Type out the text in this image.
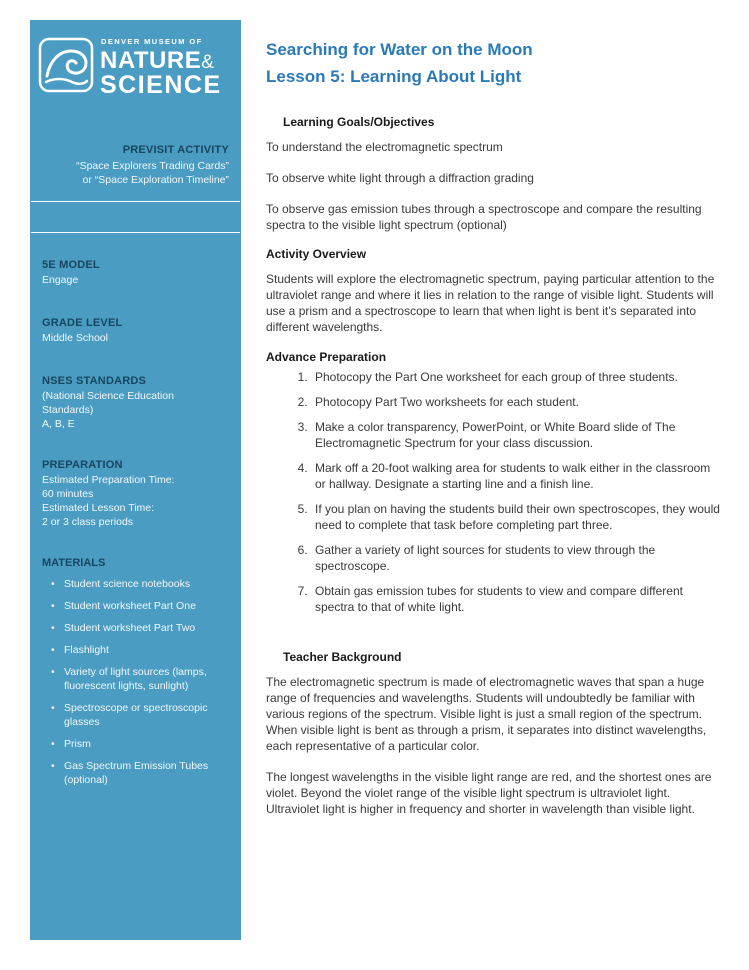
DENVER MUSEUM OF
NATURE&
SCIENCE
PREVISIT ACTIVITY
“Space Explorers Trading Cards”
or “Space Exploration Timeline”
5E MODEL
Engage
GRADE LEVEL
Middle School
NSES STANDARDS
(National Science Education
Standards)
A, B, E
PREPARATION
Estimated Preparation Time:
60 minutes
Estimated Lesson Time:
2 or 3 class periods
MATERIALS
• Student science notebooks
• Student worksheet Part One
• Student worksheet Part Two
• Flashlight
• Variety of light sources (lamps, fluorescent lights, sunlight)
• Spectroscope or spectroscopic glasses
• Prism
• Gas Spectrum Emission Tubes (optional)
Searching for Water on the Moon
Lesson 5: Learning About Light
Learning Goals/Objectives

To understand the electromagnetic spectrum

To observe white light through a diffraction grading

To observe gas emission tubes through a spectroscope and compare the resulting spectra to the visible light spectrum (optional)

Activity Overview

Students will explore the electromagnetic spectrum, paying particular attention to the ultraviolet range and where it lies in relation to the range of visible light. Students will use a prism and a spectroscope to learn that when light is bent it’s separated into different wavelengths.

Advance Preparation
1. Photocopy the Part One worksheet for each group of three students.
2. Photocopy Part Two worksheets for each student.
3. Make a color transparency, PowerPoint, or White Board slide of The Electromagnetic Spectrum for your class discussion.
4. Mark off a 20-foot walking area for students to walk either in the classroom or hallway. Designate a starting line and a finish line.
5. If you plan on having the students build their own spectroscopes, they would need to complete that task before completing part three.
6. Gather a variety of light sources for students to view through the spectroscope.
7. Obtain gas emission tubes for students to view and compare different spectra to that of white light.
Teacher Background

The electromagnetic spectrum is made of electromagnetic waves that span a huge range of frequencies and wavelengths. Students will undoubtedly be familiar with various regions of the spectrum. Visible light is just a small region of the spectrum. When visible light is bent as through a prism, it separates into distinct wavelengths, each representative of a particular color.

The longest wavelengths in the visible light range are red, and the shortest ones are violet. Beyond the violet range of the visible light spectrum is ultraviolet light. Ultraviolet light is higher in frequency and shorter in wavelength than visible light.
